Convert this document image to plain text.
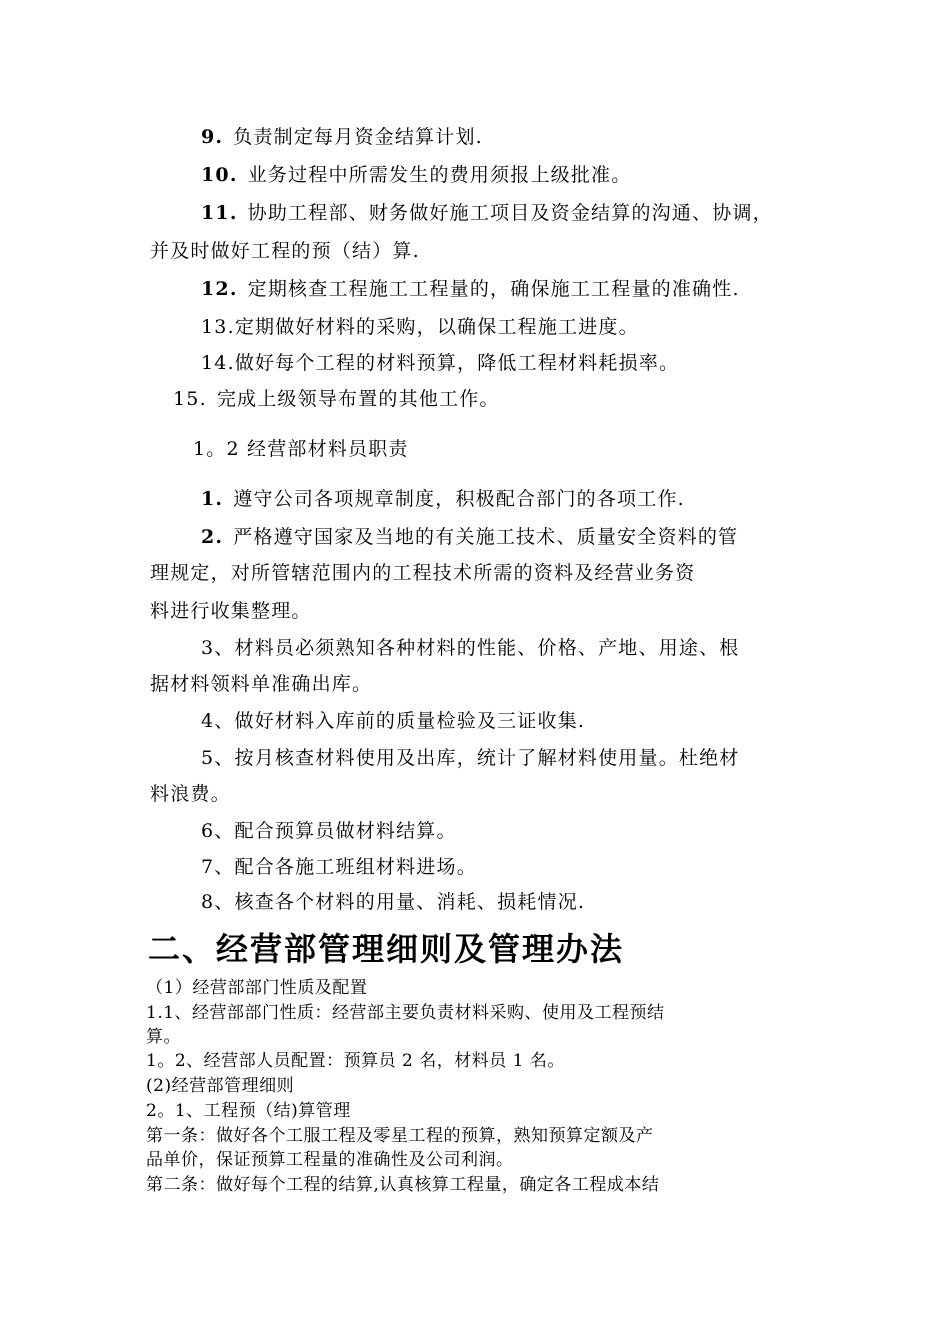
9. 负责制定每月资金结算计划.
10. 业务过程中所需发生的费用须报上级批准。
11. 协助工程部、财务做好施工项目及资金结算的沟通、协调，
并及时做好工程的预（结）算.
12. 定期核查工程施工工程量的，确保施工工程量的准确性.
13.定期做好材料的采购，以确保工程施工进度。
14.做好每个工程的材料预算，降低工程材料耗损率。
15. 完成上级领导布置的其他工作。
1。2 经营部材料员职责
1. 遵守公司各项规章制度，积极配合部门的各项工作.
2. 严格遵守国家及当地的有关施工技术、质量安全资料的管
理规定，对所管辖范围内的工程技术所需的资料及经营业务资
料进行收集整理。
3、材料员必须熟知各种材料的性能、价格、产地、用途、根
据材料领料单准确出库。
4、做好材料入库前的质量检验及三证收集.
5、按月核查材料使用及出库，统计了解材料使用量。杜绝材
料浪费。
6、配合预算员做材料结算。
7、配合各施工班组材料进场。
8、核查各个材料的用量、消耗、损耗情况.
二、经营部管理细则及管理办法
（1）经营部部门性质及配置
1.1、经营部部门性质：经营部主要负责材料采购、使用及工程预结
算。
1。2、经营部人员配置：预算员 2 名，材料员 1 名。
(2)经营部管理细则
2。1、工程预（结)算管理
第一条：做好各个工服工程及零星工程的预算，熟知预算定额及产
品单价，保证预算工程量的准确性及公司利润。
第二条：做好每个工程的结算,认真核算工程量，确定各工程成本结
